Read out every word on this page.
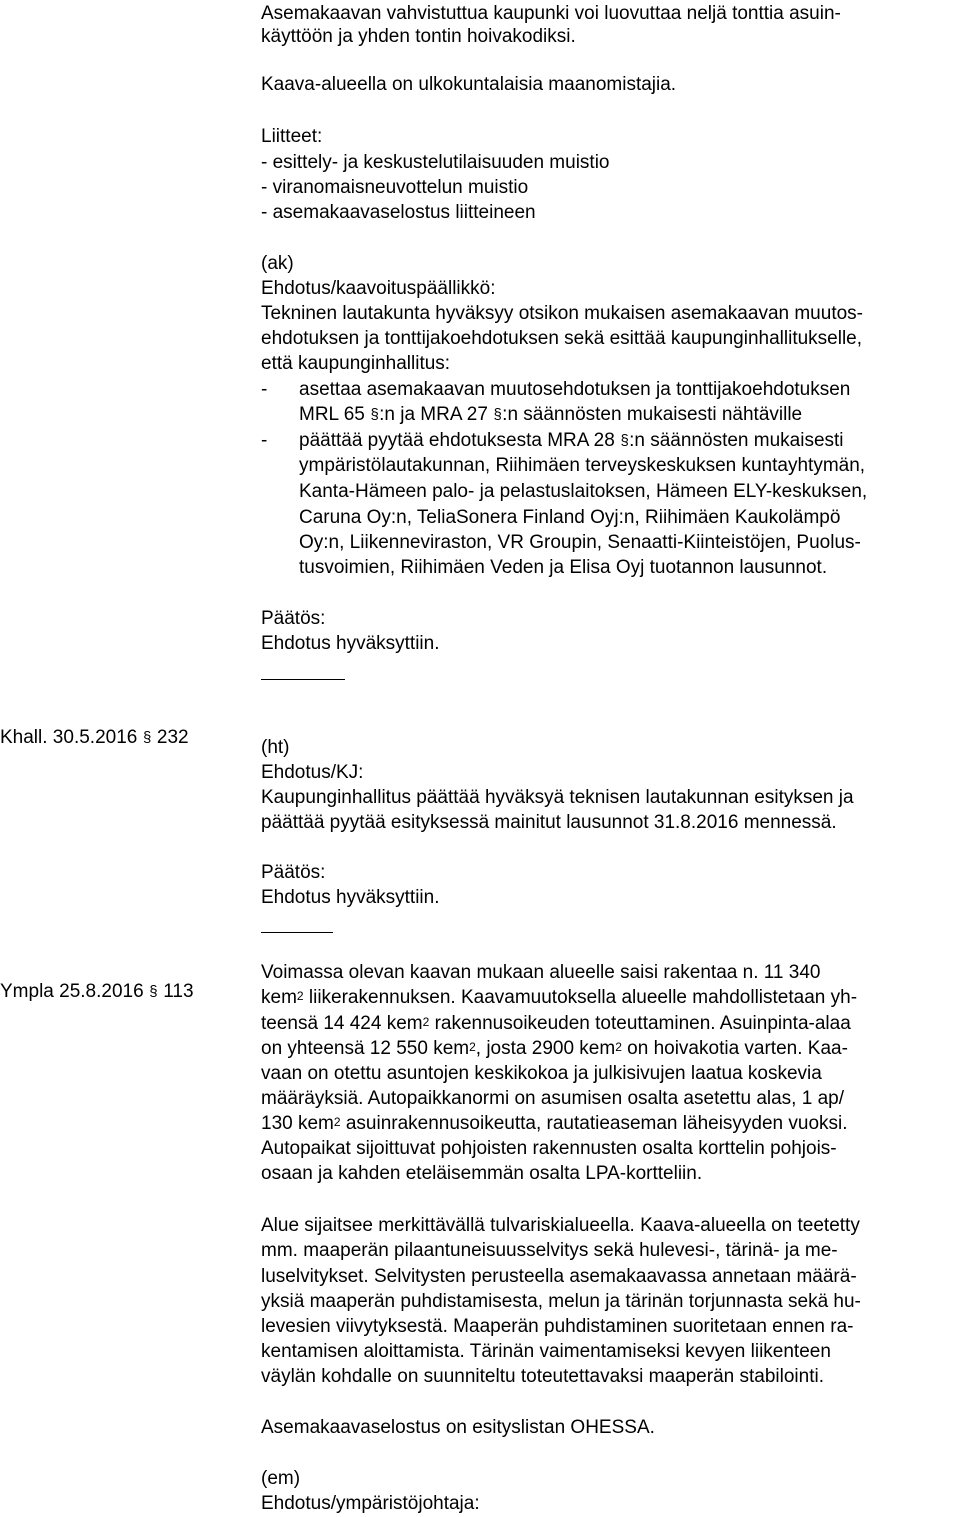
Asemakaavan vahvistuttua kaupunki voi luovuttaa neljä tonttia asuin-

käyttöön ja yhden tontin hoivakodiksi.

Kaava-alueella on ulkokuntalaisia maanomistajia.

Liitteet:

- esittely- ja keskustelutilaisuuden muistio

- viranomaisneuvottelun muistio

- asemakaavaselostus liitteineen

(ak)

Ehdotus/kaavoituspäällikkö:

Tekninen lautakunta hyväksyy otsikon mukaisen asemakaavan muutos-

ehdotuksen ja tonttijakoehdotuksen sekä esittää kaupunginhallitukselle,

että kaupunginhallitus:

- asettaa asemakaavan muutosehdotuksen ja tonttijakoehdotuksen

MRL 65 §:n ja MRA 27 §:n säännösten mukaisesti nähtäville

- päättää pyytää ehdotuksesta MRA 28 §:n säännösten mukaisesti

ympäristölautakunnan, Riihimäen terveyskeskuksen kuntayhtymän,

Kanta-Hämeen palo- ja pelastuslaitoksen, Hämeen ELY-keskuksen,

Caruna Oy:n, TeliaSonera Finland Oyj:n, Riihimäen Kaukolämpö

Oy:n, Liikenneviraston, VR Groupin, Senaatti-Kiinteistöjen, Puolus-

tusvoimien, Riihimäen Veden ja Elisa Oyj tuotannon lausunnot.

Päätös:

Ehdotus hyväksyttiin.

Khall. 30.5.2016 § 232	(ht)

Ehdotus/KJ:

Kaupunginhallitus päättää hyväksyä teknisen lautakunnan esityksen ja

päättää pyytää esityksessä mainitut lausunnot 31.8.2016 mennessä.

Päätös:

Ehdotus hyväksyttiin.

Ympla 25.8.2016 § 113

Voimassa olevan kaavan mukaan alueelle saisi rakentaa n. 11 340

kem$^2$ liikerakennuksen. Kaavamuutoksella alueelle mahdollistetaan yh-

teensä 14 424 kem$^2$ rakennusoikeuden toteuttaminen. Asuinpinta-alaa

on yhteensä 12 550 kem$^2$, josta 2900 kem$^2$ on hoivakotia varten. Kaa-

vaan on otettu asuntojen keskikokoa ja julkisivujen laatua koskevia

määräyksiä. Autopaikkanormi on asumisen osalta asetettu alas, 1 ap/

130 kem$^2$ asuinrakennusoikeutta, rautatieaseman läheisyyden vuoksi.

Autopaikat sijoittuvat pohjoisten rakennusten osalta korttelin pohjois-

osaan ja kahden eteläisemmän osalta LPA-kortteliin.

Alue sijaitsee merkittävällä tulvariskialueella. Kaava-alueella on teetetty

mm. maaperän pilaantuneisuusselvitys sekä hulevesi-, tärinä- ja me-

luselvitykset. Selvitysten perusteella asemakaavassa annetaan määrä-

yksiä maaperän puhdistamisesta, melun ja tärinän torjunnasta sekä hu-

levesien viivytyksestä. Maaperän puhdistaminen suoritetaan ennen ra-

kentamisen aloittamista. Tärinän vaimentamiseksi kevyen liikenteen

väylän kohdalle on suunniteltu toteutettavaksi maaperän stabilointi.

Asemakaavaselostus on esityslistan OHESSA.

(em)

Ehdotus/ympäristöjohtaja:
